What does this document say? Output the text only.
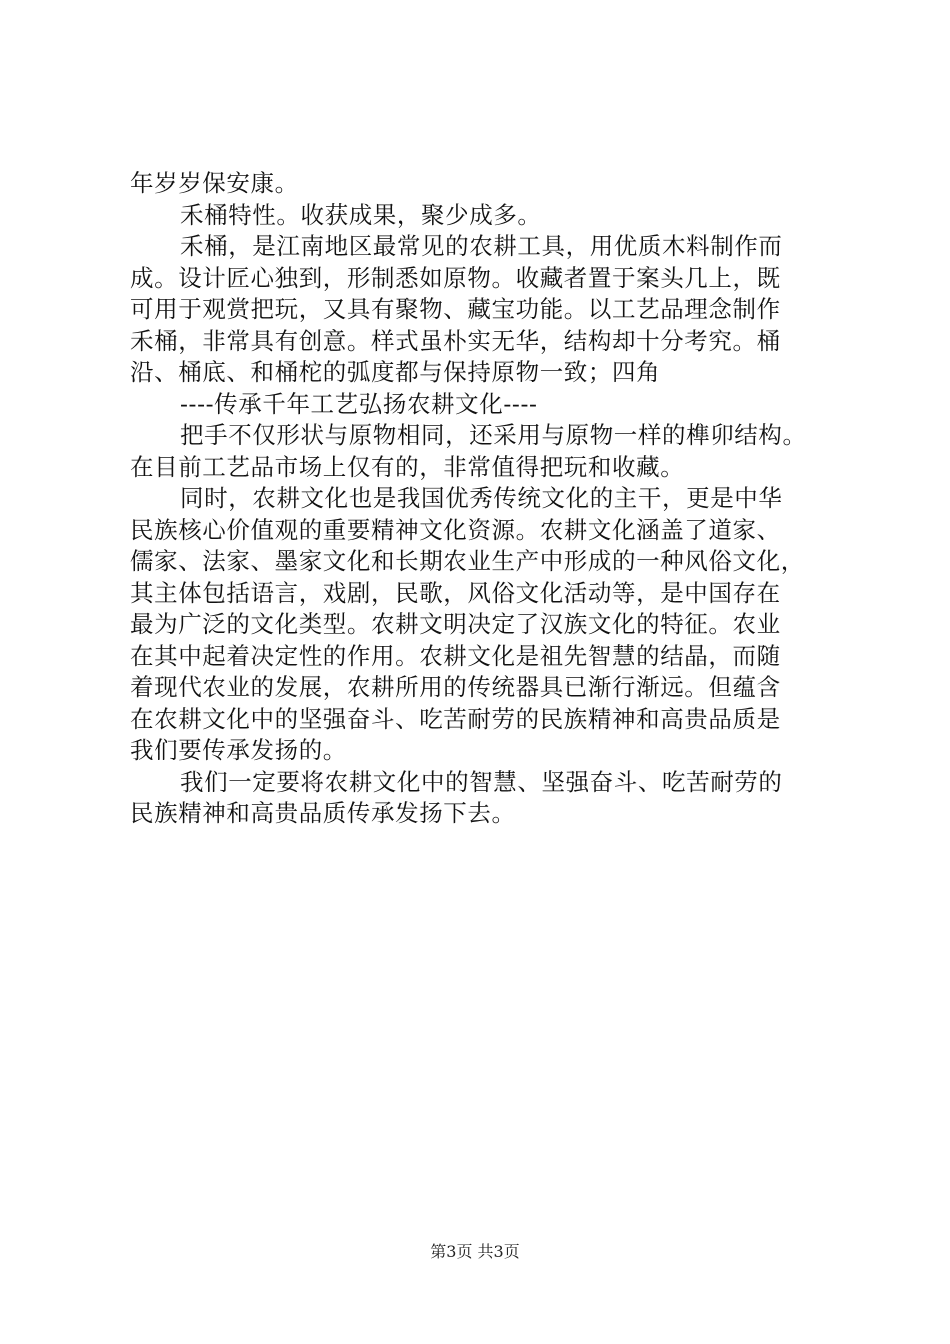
年岁岁保安康。
禾桶特性。收获成果，聚少成多。
禾桶，是江南地区最常见的农耕工具，用优质木料制作而
成。设计匠心独到，形制悉如原物。收藏者置于案头几上，既
可用于观赏把玩，又具有聚物、藏宝功能。以工艺品理念制作
禾桶，非常具有创意。样式虽朴实无华，结构却十分考究。桶
沿、桶底、和桶柁的弧度都与保持原物一致；四角
----传承千年工艺弘扬农耕文化----
把手不仅形状与原物相同，还采用与原物一样的榫卯结构。
在目前工艺品市场上仅有的，非常值得把玩和收藏。
同时，农耕文化也是我国优秀传统文化的主干，更是中华
民族核心价值观的重要精神文化资源。农耕文化涵盖了道家、
儒家、法家、墨家文化和长期农业生产中形成的一种风俗文化，
其主体包括语言，戏剧，民歌，风俗文化活动等，是中国存在
最为广泛的文化类型。农耕文明决定了汉族文化的特征。农业
在其中起着决定性的作用。农耕文化是祖先智慧的结晶，而随
着现代农业的发展，农耕所用的传统器具已渐行渐远。但蕴含
在农耕文化中的坚强奋斗、吃苦耐劳的民族精神和高贵品质是
我们要传承发扬的。
我们一定要将农耕文化中的智慧、坚强奋斗、吃苦耐劳的
民族精神和高贵品质传承发扬下去。
第3页 共3页
